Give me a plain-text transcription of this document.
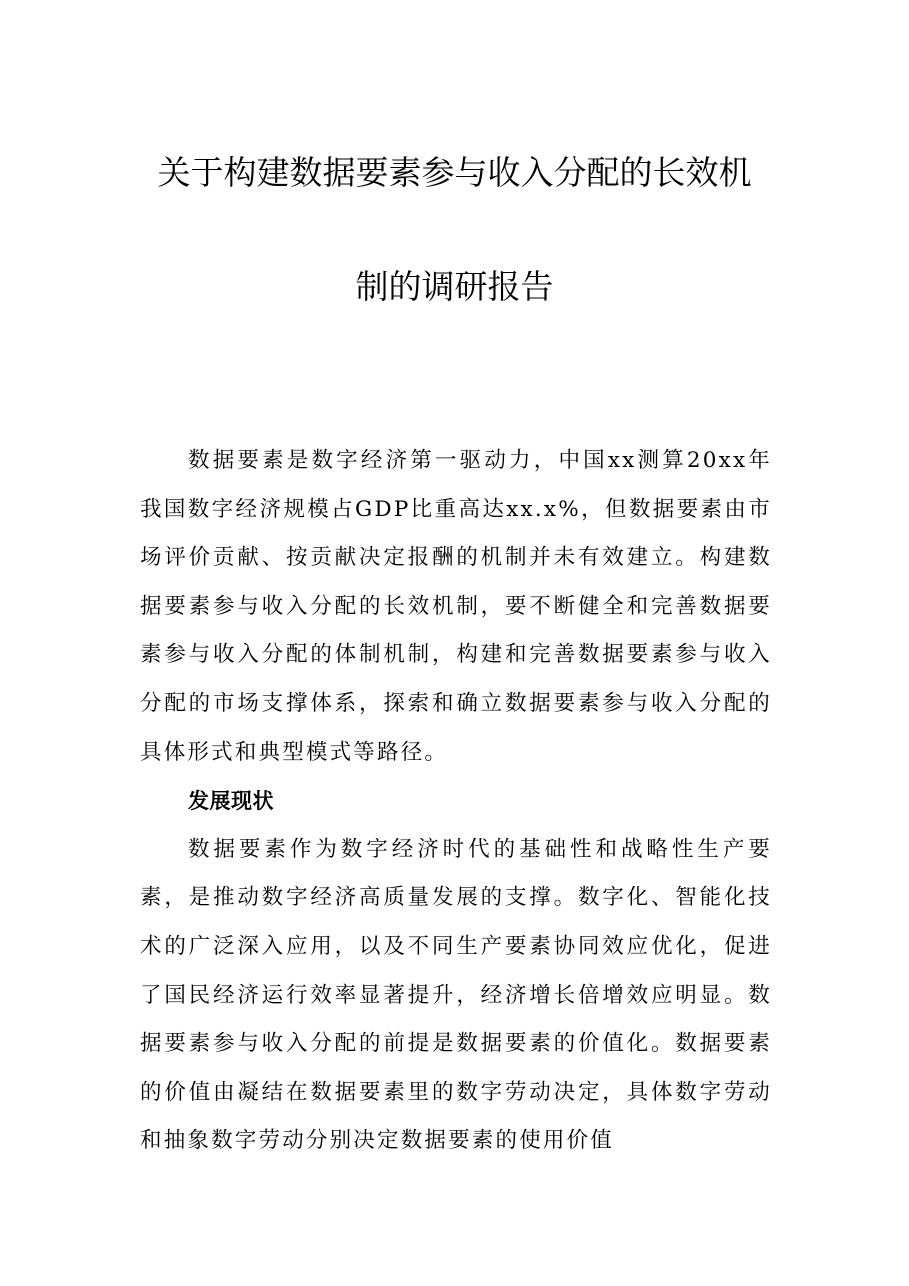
关于构建数据要素参与收入分配的长效机
制的调研报告

数据要素是数字经济第一驱动力，中国xx测算20xx年我国数字经济规模占GDP比重高达xx.x%，但数据要素由市场评价贡献、按贡献决定报酬的机制并未有效建立。构建数据要素参与收入分配的长效机制，要不断健全和完善数据要素参与收入分配的体制机制，构建和完善数据要素参与收入分配的市场支撑体系，探索和确立数据要素参与收入分配的具体形式和典型模式等路径。

发展现状

数据要素作为数字经济时代的基础性和战略性生产要素，是推动数字经济高质量发展的支撑。数字化、智能化技术的广泛深入应用，以及不同生产要素协同效应优化，促进了国民经济运行效率显著提升，经济增长倍增效应明显。数据要素参与收入分配的前提是数据要素的价值化。数据要素的价值由凝结在数据要素里的数字劳动决定，具体数字劳动和抽象数字劳动分别决定数据要素的使用价值
